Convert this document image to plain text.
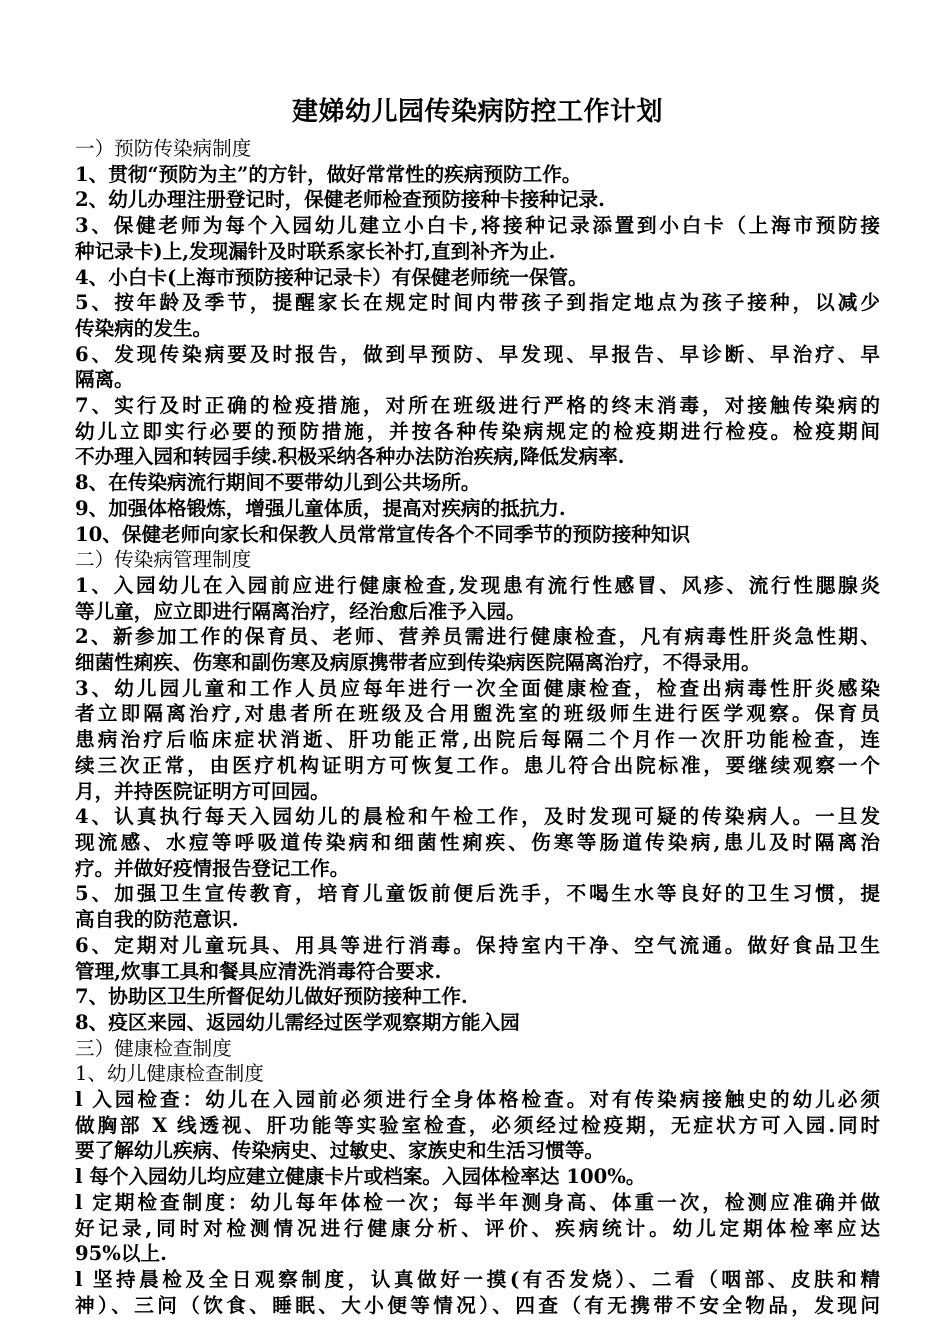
建娣幼儿园传染病防控工作计划
一）预防传染病制度
1、贯彻“预防为主”的方针，做好常常性的疾病预防工作。
2、幼儿办理注册登记时，保健老师检查预防接种卡接种记录.
3、保健老师为每个入园幼儿建立小白卡,将接种记录添置到小白卡（上海市预防接
种记录卡)上,发现漏针及时联系家长补打,直到补齐为止.
4、小白卡(上海市预防接种记录卡）有保健老师统一保管。
5、按年龄及季节，提醒家长在规定时间内带孩子到指定地点为孩子接种，以减少
传染病的发生。
6、发现传染病要及时报告，做到早预防、早发现、早报告、早诊断、早治疗、早
隔离。
7、实行及时正确的检疫措施，对所在班级进行严格的终末消毒，对接触传染病的
幼儿立即实行必要的预防措施，并按各种传染病规定的检疫期进行检疫。检疫期间
不办理入园和转园手续.积极采纳各种办法防治疾病,降低发病率.
8、在传染病流行期间不要带幼儿到公共场所。
9、加强体格锻炼，增强儿童体质，提高对疾病的抵抗力.
10、保健老师向家长和保教人员常常宣传各个不同季节的预防接种知识
二）传染病管理制度
1、入园幼儿在入园前应进行健康检查,发现患有流行性感冒、风疹、流行性腮腺炎
等儿童，应立即进行隔离治疗，经治愈后准予入园。
2、新参加工作的保育员、老师、营养员需进行健康检查，凡有病毒性肝炎急性期、
细菌性痢疾、伤寒和副伤寒及病原携带者应到传染病医院隔离治疗，不得录用。
3、幼儿园儿童和工作人员应每年进行一次全面健康检查，检查出病毒性肝炎感染
者立即隔离治疗,对患者所在班级及合用盥洗室的班级师生进行医学观察。保育员
患病治疗后临床症状消逝、肝功能正常,出院后每隔二个月作一次肝功能检查，连
续三次正常，由医疗机构证明方可恢复工作。患儿符合出院标准，要继续观察一个
月，并持医院证明方可回园。
4、认真执行每天入园幼儿的晨检和午检工作，及时发现可疑的传染病人。一旦发
现流感、水痘等呼吸道传染病和细菌性痢疾、伤寒等肠道传染病,患儿及时隔离治
疗。并做好疫情报告登记工作。
5、加强卫生宣传教育，培育儿童饭前便后洗手，不喝生水等良好的卫生习惯，提
高自我的防范意识.
6、定期对儿童玩具、用具等进行消毒。保持室内干净、空气流通。做好食品卫生
管理,炊事工具和餐具应清洗消毒符合要求.
7、协助区卫生所督促幼儿做好预防接种工作.
8、疫区来园、返园幼儿需经过医学观察期方能入园
三）健康检查制度
1、幼儿健康检查制度
l 入园检查：幼儿在入园前必须进行全身体格检查。对有传染病接触史的幼儿必须
做胸部 X 线透视、肝功能等实验室检查，必须经过检疫期，无症状方可入园.同时
要了解幼儿疾病、传染病史、过敏史、家族史和生活习惯等。
l 每个入园幼儿均应建立健康卡片或档案。入园体检率达 100%。
l 定期检查制度：幼儿每年体检一次；每半年测身高、体重一次，检测应准确并做
好记录,同时对检测情况进行健康分析、评价、疾病统计。幼儿定期体检率应达
95%以上.
l 坚持晨检及全日观察制度，认真做好一摸(有否发烧）、二看（咽部、皮肤和精
神）、三问（饮食、睡眠、大小便等情况）、四查（有无携带不安全物品，发现问
